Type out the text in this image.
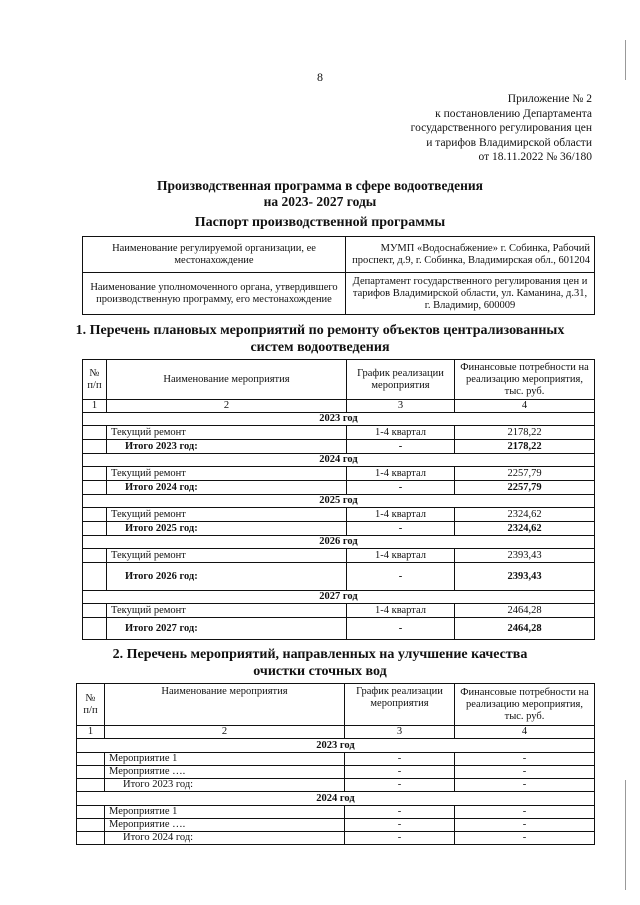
8
Приложение № 2
к постановлению Департамента
государственного регулирования цен
и тарифов Владимирской области
от 18.11.2022 № 36/180
Производственная программа в сфере водоотведения
на 2023- 2027 годы
Паспорт производственной программы
Наименование регулируемой организации, ее местонахождение	МУМП «Водоснабжение» г. Собинка, Рабочий проспект, д.9, г. Собинка, Владимирская обл., 601204
Наименование уполномоченного органа, утвердившего производственную программу, его местонахождение	Департамент государственного регулирования цен и тарифов Владимирской области, ул. Каманина, д.31, г. Владимир, 600009
1. Перечень плановых мероприятий по ремонту объектов централизованных
систем водоотведения
№ п/п	Наименование мероприятия	График реализации мероприятия	Финансовые потребности на реализацию мероприятия, тыс. руб.
1	2	3	4
2023 год			
	Текущий ремонт	1-4 квартал	2178,22
	Итого 2023 год:	-	2178,22
2024 год			
	Текущий ремонт	1-4 квартал	2257,79
	Итого 2024 год:	-	2257,79
2025 год			
	Текущий ремонт	1-4 квартал	2324,62
	Итого 2025 год:	-	2324,62
2026 год			
	Текущий ремонт	1-4 квартал	2393,43
	Итого 2026 год:	-	2393,43
2027 год			
	Текущий ремонт	1-4 квартал	2464,28
	Итого 2027 год:	-	2464,28
2. Перечень мероприятий, направленных на улучшение качества
очистки сточных вод
№ п/п	Наименование мероприятия	График реализации мероприятия	Финансовые потребности на реализацию мероприятия, тыс. руб.
1	2	3	4
2023 год			
	Мероприятие 1	-	-
	Мероприятие ….	-	-
	Итого 2023 год:	-	-
2024 год			
	Мероприятие 1	-	-
	Мероприятие ….	-	-
	Итого 2024 год:	-	-
